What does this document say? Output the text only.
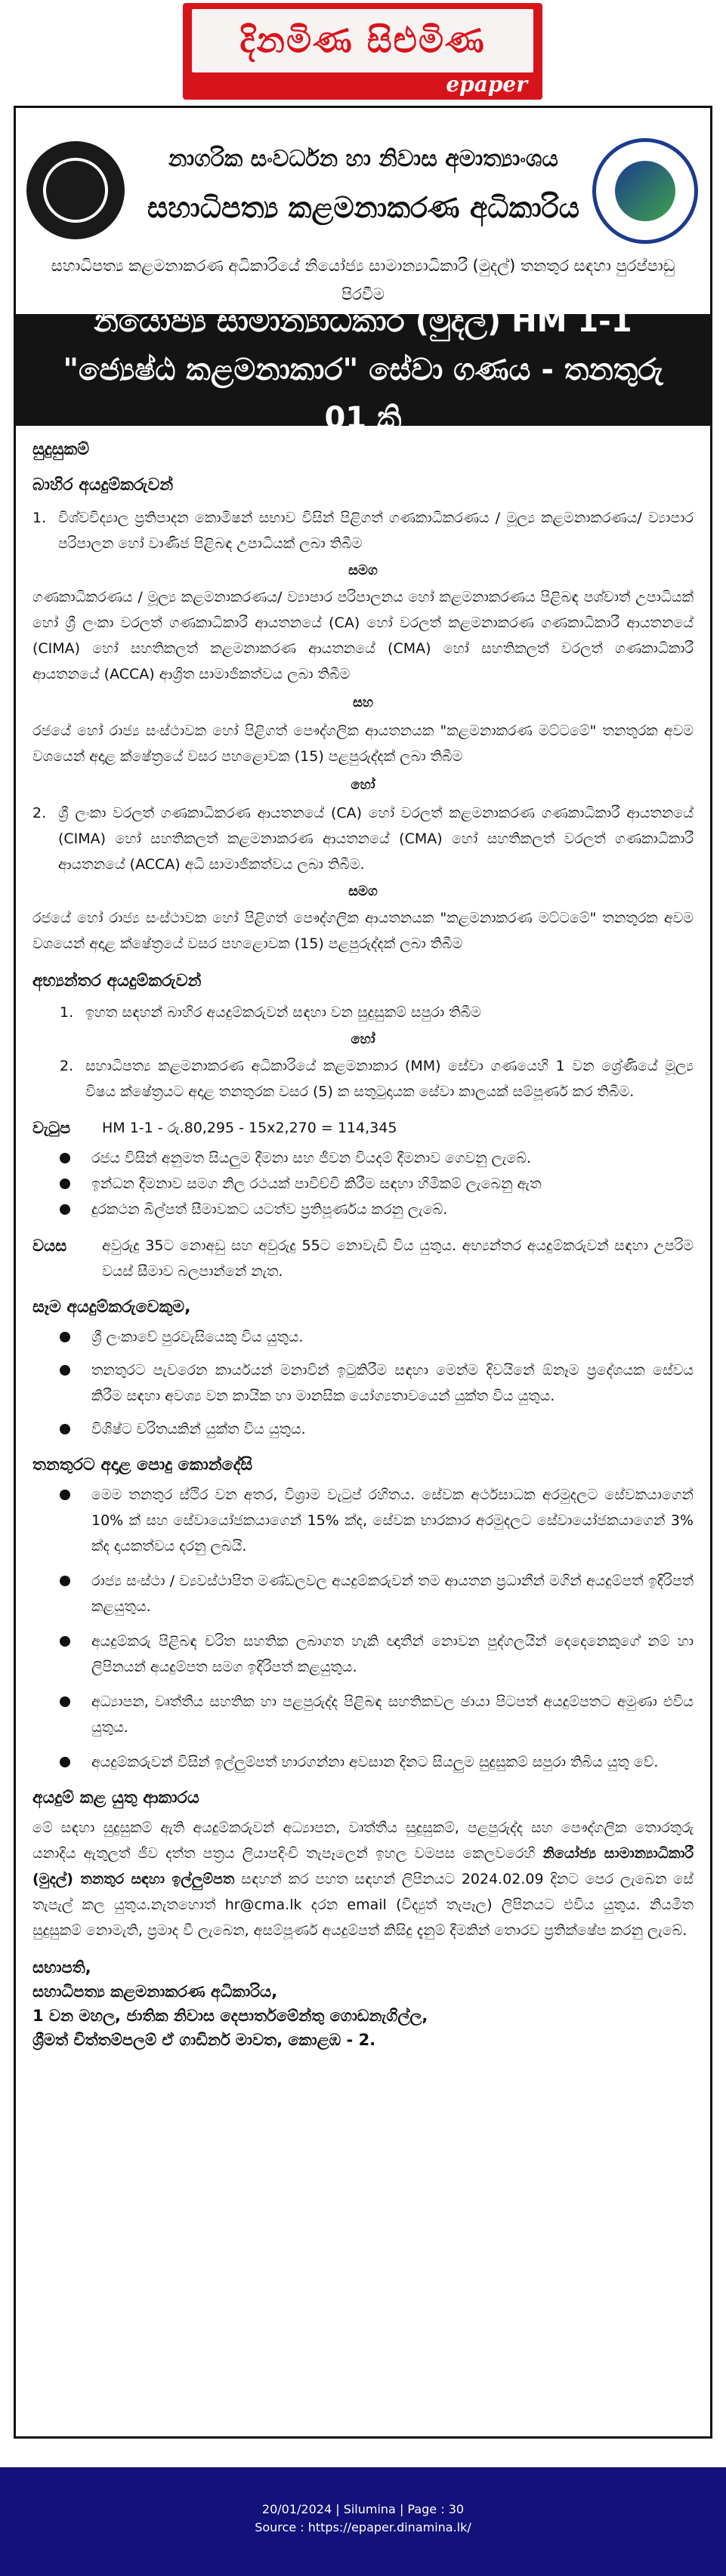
දිනමිණ සිළුමිණ
epaper
නාගරික සංවර්ධන හා නිවාස අමාත්‍යාංශය
සහාධිපත්‍ය කළමනාකරණ අධිකාරිය
සහාධිපත්‍ය කළමනාකරණ අධිකාරියේ නියෝජ්‍ය සාමාන්‍යාධිකාරී (මුදල්) තනතුර සඳහා පුරප්පාඩු පිරවීම
නියෝජ්‍ය සාමාන්‍යාධිකාරී (මුදල්) HM 1-1 "ජ්‍යෙෂ්ඨ කළමනාකාර" සේවා ගණය - තනතුරු 01 කි

සුදුසුකම්

බාහිර අයදුම්කරුවන්

1. විශ්වවිද්‍යාල ප්‍රතිපාදන කොමිෂන් සභාව විසින් පිළිගත් ගණකාධිකරණය / මූල්‍ය කළමනාකරණය/ ව්‍යාපාර පරිපාලන හෝ වාණිජ පිළිබඳ උපාධියක් ලබා තිබීම

සමග

ගණකාධිකරණය / මූල්‍ය කළමනාකරණය/ ව්‍යාපාර පරිපාලනය හෝ කළමනාකරණය පිළිබඳ පශ්චාත් උපාධියක් හෝ ශ්‍රී ලංකා වරලත් ගණකාධිකාරී ආයතනයේ (CA) හෝ වරලත් කළමනාකරණ ගණකාධිකාරී ආයතනයේ (CIMA) හෝ සහතිකලත් කළමනාකරණ ආයතනයේ (CMA) හෝ සහතිකලත් වරලත් ගණකාධිකාරී ආයතනයේ (ACCA) ආශ්‍රිත සාමාජිකත්වය ලබා තිබීම

සහ

රජයේ හෝ රාජ්‍ය සංස්ථාවක හෝ පිළිගත් පෞද්ගලික ආයතනයක "කළමනාකරණ මට්ටමේ" තනතුරක අවම වශයෙන් අදාළ ක්ෂේත්‍රයේ වසර පහළොවක (15) පළපුරුද්දක් ලබා තිබීම

හෝ

2. ශ්‍රී ලංකා වරලත් ගණකාධිකරණ ආයතනයේ (CA) හෝ වරලත් කළමනාකරණ ගණකාධිකාරී ආයතනයේ (CIMA) හෝ සහතිකලත් කළමනාකරණ ආයතනයේ (CMA) හෝ සහතිකලත් වරලත් ගණකාධිකාරී ආයතනයේ (ACCA) අධි සාමාජිකත්වය ලබා තිබීම.

සමග

රජයේ හෝ රාජ්‍ය සංස්ථාවක හෝ පිළිගත් පෞද්ගලික ආයතනයක "කළමනාකරණ මට්ටමේ" තනතුරක අවම වශයෙන් අදාළ ක්ෂේත්‍රයේ වසර පහළොවක (15) පළපුරුද්දක් ලබා තිබීම

අභ්‍යන්තර අයදුම්කරුවන්

1. ඉහත සඳහන් බාහිර අයදුම්කරුවන් සඳහා වන සුදුසුකම් සපුරා තිබීම

හෝ

2. සහාධිපත්‍ය කළමනාකරණ අධිකාරියේ කළමනාකාර (MM) සේවා ගණයෙහි 1 වන ශ්‍රේණියේ මූල්‍ය විෂය ක්ෂේත්‍රයට අදාළ තනතුරක වසර (5) ක සතුටුදායක සේවා කාලයක් සම්පූර්ණ කර තිබීම.

වැටුප	HM 1-1 - රු.80,295 - 15x2,270 = 114,345
රජය විසින් අනුමත සියලුම දීමනා සහ ජීවන වියදම් දීමනාව ගෙවනු ලැබේ.
ඉන්ධන දීමනාව සමග නිල රථයක් පාවිච්චි කිරීම සඳහා හිමිකම් ලැබෙනු ඇත
දුරකථන බිල්පත් සීමාවකට යටත්ව ප්‍රතිපූර්ණය කරනු ලැබේ.
වයස	අවුරුදු 35ට නොඅඩු සහ අවුරුදු 55ට නොවැඩි විය යුතුය. අභ්‍යන්තර අයදුම්කරුවන් සඳහා උපරිම වයස් සීමාව බලපාන්නේ නැත.

සෑම අයදුම්කරුවෙකුම,

ශ්‍රී ලංකාවේ පුරවැසියෙකු විය යුතුය.
තනතුරට පැවරෙන කාර්යයන් මනාවින් ඉටුකිරීම සඳහා මෙන්ම දිවයිනේ ඕනෑම ප්‍රදේශයක සේවය කිරීම සඳහා අවශ්‍ය වන කායික හා මානසික යෝග්‍යතාවයෙන් යුක්ත විය යුතුය.
විශිෂ්ට චරිතයකින් යුක්ත විය යුතුය.

තනතුරට අදාළ පොදු කොන්දේසි

මෙම තනතුර ස්ථිර වන අතර, විශ්‍රාම වැටුප් රහිතය. සේවක අර්ථසාධක අරමුදලට සේවකයාගෙන් 10% ක් සහ සේවායෝජකයාගෙන් 15% ක්ද, සේවක භාරකාර අරමුදලට සේවායෝජකයාගෙන් 3% ක්ද දායකත්වය දරනු ලබයි.
රාජ්‍ය සංස්ථා / ව්‍යවස්ථාපිත මණ්ඩලවල අයදුම්කරුවන් තම ආයතන ප්‍රධානීන් මගින් අයදුම්පත් ඉදිරිපත් කළයුතුය.
අයදුම්කරු පිළිබඳ චරිත සහතික ලබාගත හැකි ඥාතීන් නොවන පුද්ගලයින් දෙදෙනෙකුගේ නම් හා ලිපිනයන් අයදුම්පත සමග ඉදිරිපත් කළයුතුය.
අධ්‍යාපන, වෘත්තීය සහතික හා පළපුරුද්ද පිළිබඳ සහතිකවල ඡායා පිටපත් අයදුම්පතට අමුණා එවිය යුතුය.
අයදුම්කරුවන් විසින් ඉල්ලුම්පත් භාරගන්නා අවසාන දිනට සියලුම සුදුසුකම් සපුරා තිබිය යුතු වේ.

අයදුම් කළ යුතු ආකාරය

මේ සඳහා සුදුසුකම් ඇති අයදුම්කරුවන් අධ්‍යාපන, වෘත්තීය සුදුසුකම්, පළපුරුද්ද සහ පෞද්ගලික තොරතුරු යනාදිය ඇතුලත් ජීව දත්ත පත්‍රය ලියාපදිංචි තැපෑලෙන් ඉහල වමපස කෙලවරෙහි නියෝජ්‍ය සාමාන්‍යාධිකාරී (මුදල්) තනතුර සඳහා ඉල්ලුම්පත සඳහන් කර පහත සඳහන් ලිපිනයට 2024.02.09 දිනට පෙර ලැබෙන සේ තැපැල් කල යුතුය.නැතහොත් hr@cma.lk දරන email (විද්‍යුත් තැපෑල) ලිපිනයට එවිය යුතුය. නියමිත සුදුසුකම් නොමැති, ප්‍රමාද වී ලැබෙන, අසම්පූර්ණ අයදුම්පත් කිසිදු දැනුම් දීමකින් තොරව ප්‍රතික්ෂේප කරනු ලැබේ.

සභාපති,

සහාධිපත්‍ය කළමනාකරණ අධිකාරිය,

1 වන මහල, ජාතික නිවාස දෙපාර්තමේන්තු ගොඩනැගිල්ල,

ශ්‍රීමත් චිත්තම්පලම් ඒ ගාඩිනර් මාවත, කොළඹ - 2.

20/01/2024 | Silumina | Page : 30
Source : https://epaper.dinamina.lk/
